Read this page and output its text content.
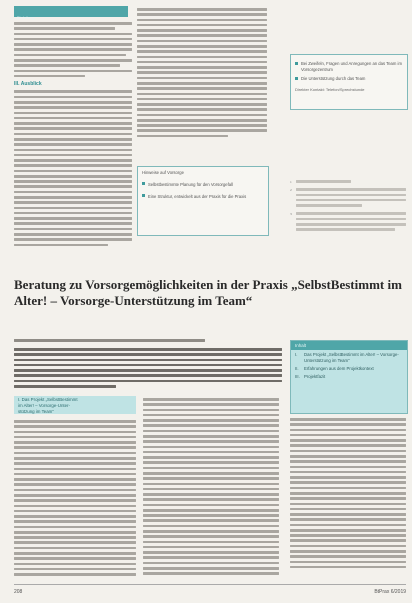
Einleitung
III. Ausblick
Hinweise auf Vorsorge
Selbstbestimmte Planung für den Vorsorgefall
Eine Struktur, entwickelt aus der Praxis für die Praxis
Bei Zweifeln, Fragen und Anregungen an das Team im Vorsorgezentrum
Die Unterstützung durch das Team
Direkter Kontakt: Telefon/Sprechstunde
1
2
3
Beratung zu Vorsorgemöglichkeiten in der Praxis „SelbstBestimmt im Alter! – Vorsorge-Unterstützung im Team“
Inhalt
I.	Das Projekt „SelbstBestimmt im Alter! – Vorsorge-Unterstützung im Team“
II.	Erfahrungen aus dem Projektkontext
III. Projektfazit
I. Das Projekt „SelbstBestimmt
im Alter! – Vorsorge-Unter-
stützung im Team“
208	BtPrax 6/2019
